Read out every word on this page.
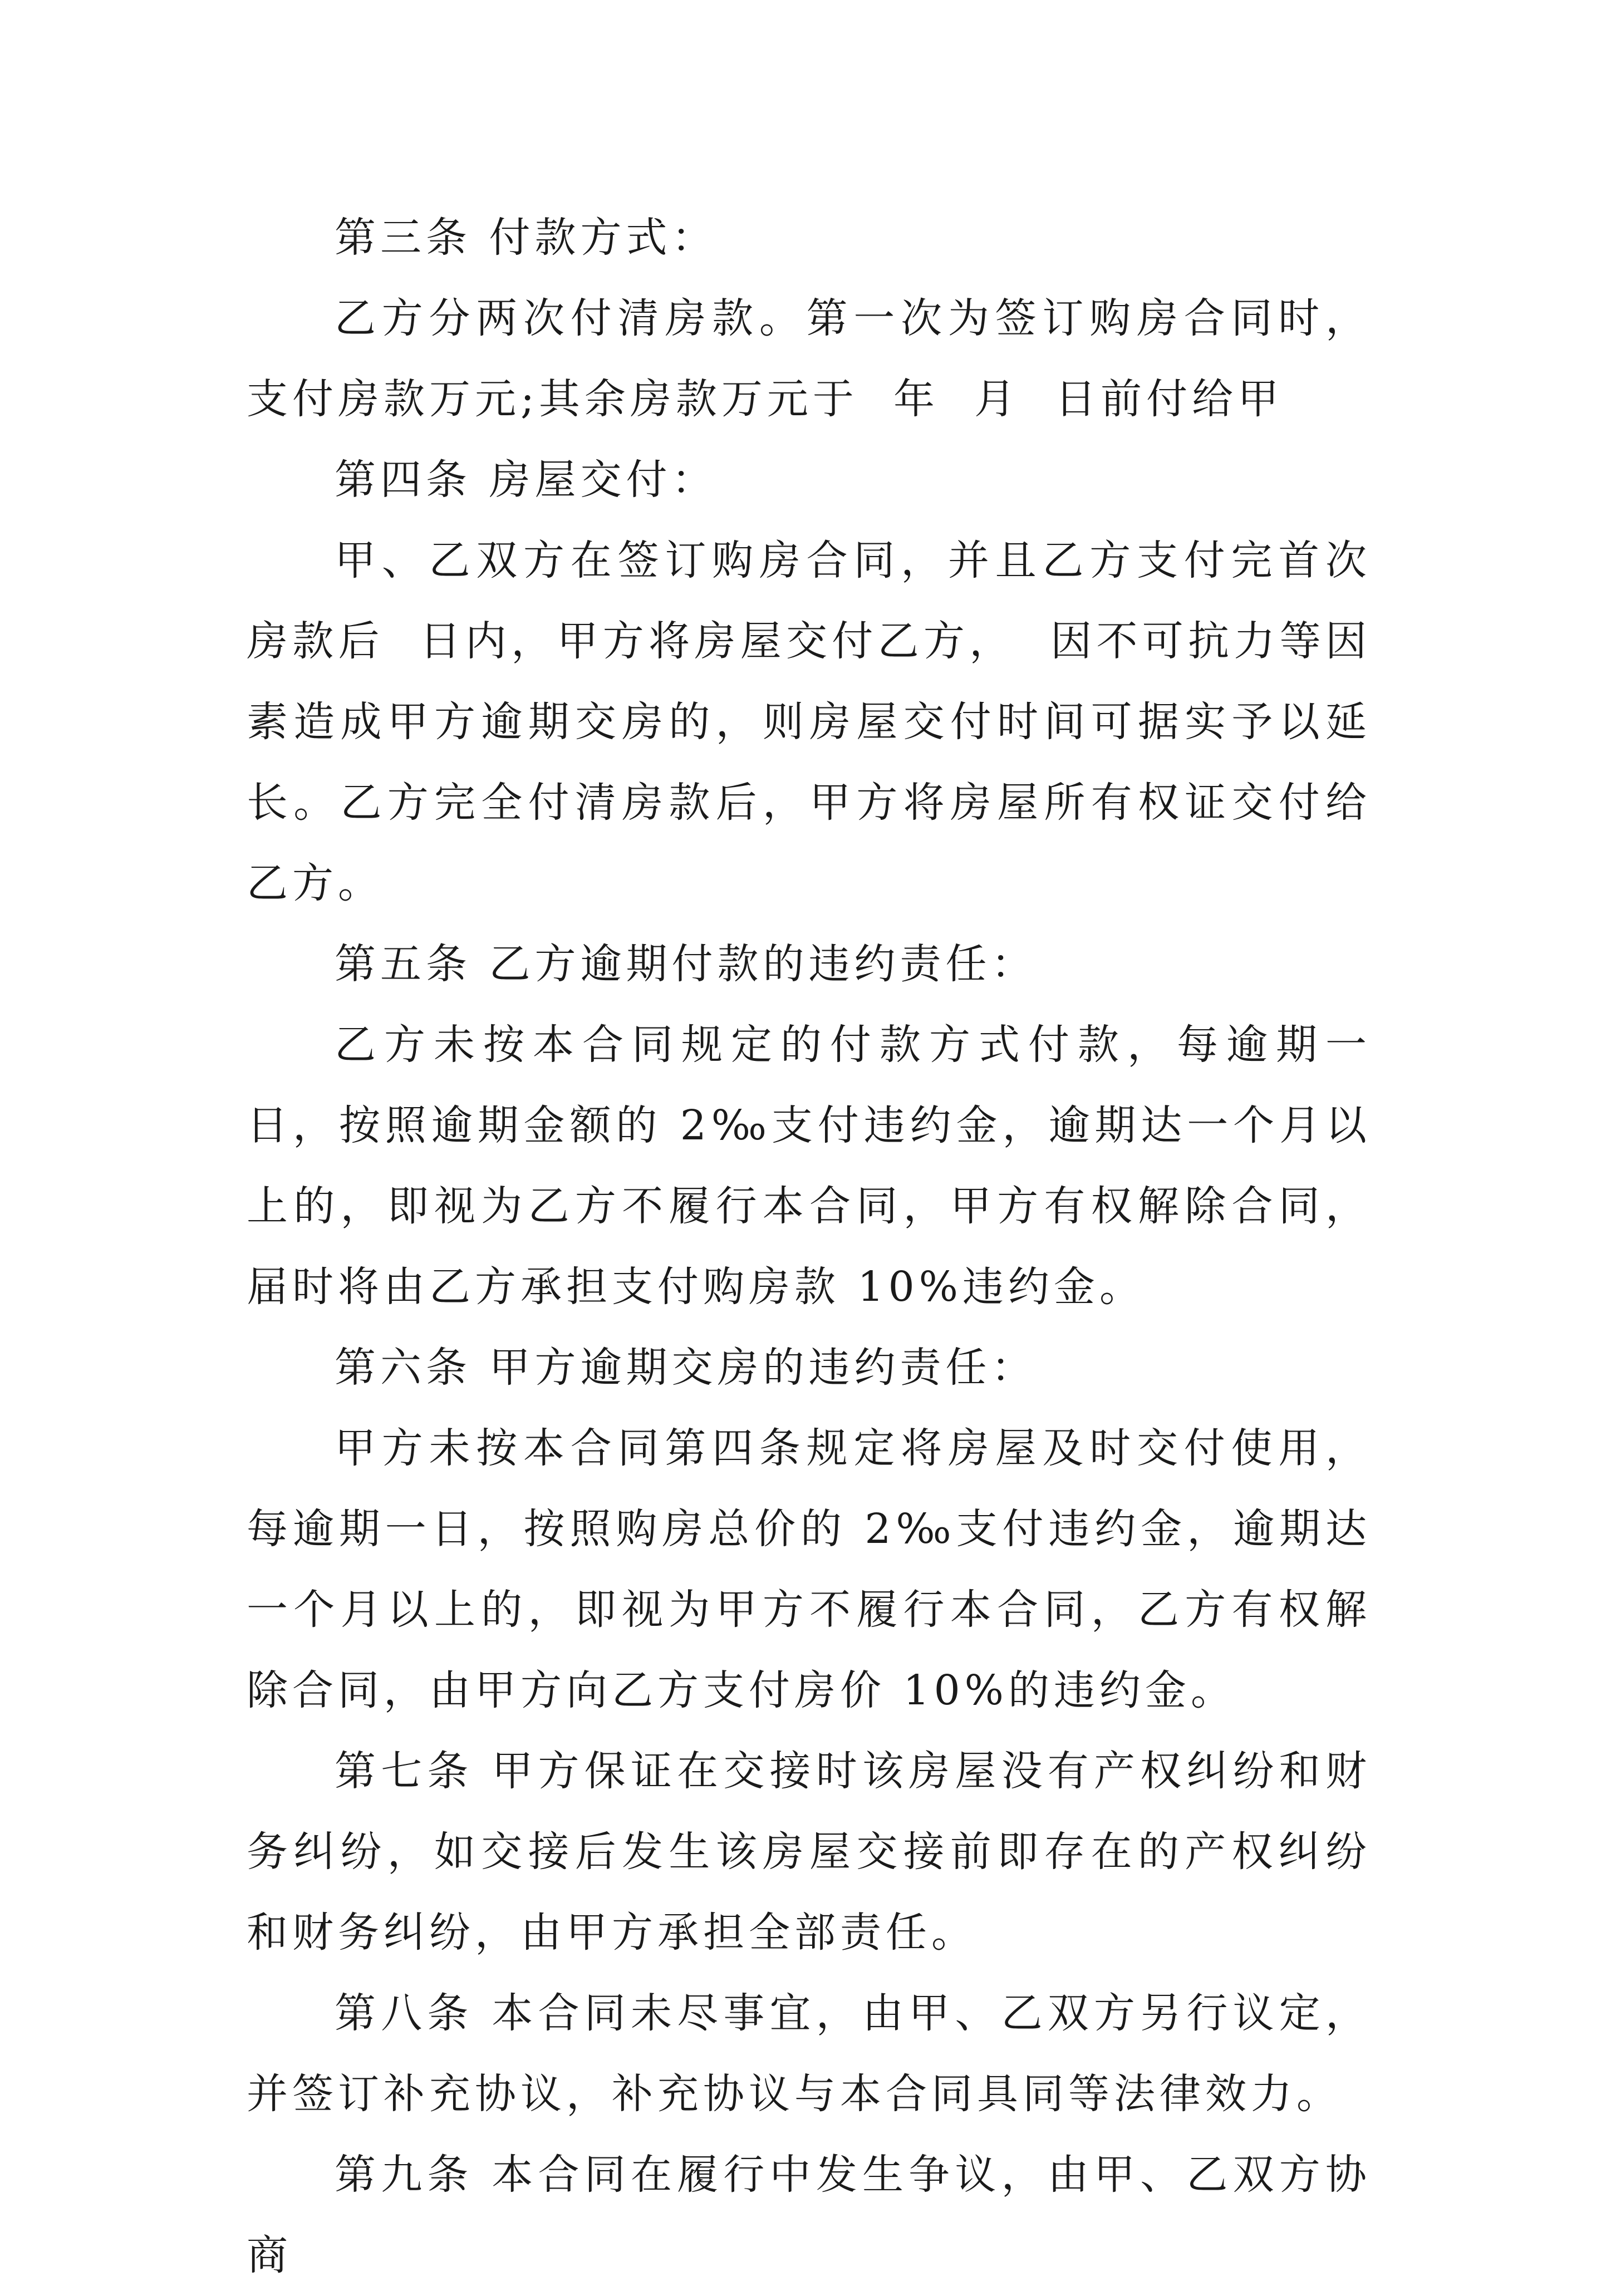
第三条 付款方式：

乙方分两次付清房款。第一次为签订购房合同时，支付房款万元;其余房款万元于  年  月  日前付给甲

第四条 房屋交付：

甲、乙双方在签订购房合同，并且乙方支付完首次房款后  日内，甲方将房屋交付乙方，  因不可抗力等因素造成甲方逾期交房的，则房屋交付时间可据实予以延长。乙方完全付清房款后，甲方将房屋所有权证交付给乙方。

第五条 乙方逾期付款的违约责任：

乙方未按本合同规定的付款方式付款，每逾期一日，按照逾期金额的 2‰支付违约金，逾期达一个月以上的，即视为乙方不履行本合同，甲方有权解除合同，届时将由乙方承担支付购房款 10%违约金。

第六条 甲方逾期交房的违约责任：

甲方未按本合同第四条规定将房屋及时交付使用，每逾期一日，按照购房总价的 2‰支付违约金，逾期达一个月以上的，即视为甲方不履行本合同，乙方有权解除合同，由甲方向乙方支付房价 10%的违约金。

第七条 甲方保证在交接时该房屋没有产权纠纷和财务纠纷，如交接后发生该房屋交接前即存在的产权纠纷和财务纠纷，由甲方承担全部责任。

第八条 本合同未尽事宜，由甲、乙双方另行议定，并签订补充协议，补充协议与本合同具同等法律效力。

第九条 本合同在履行中发生争议，由甲、乙双方协商
